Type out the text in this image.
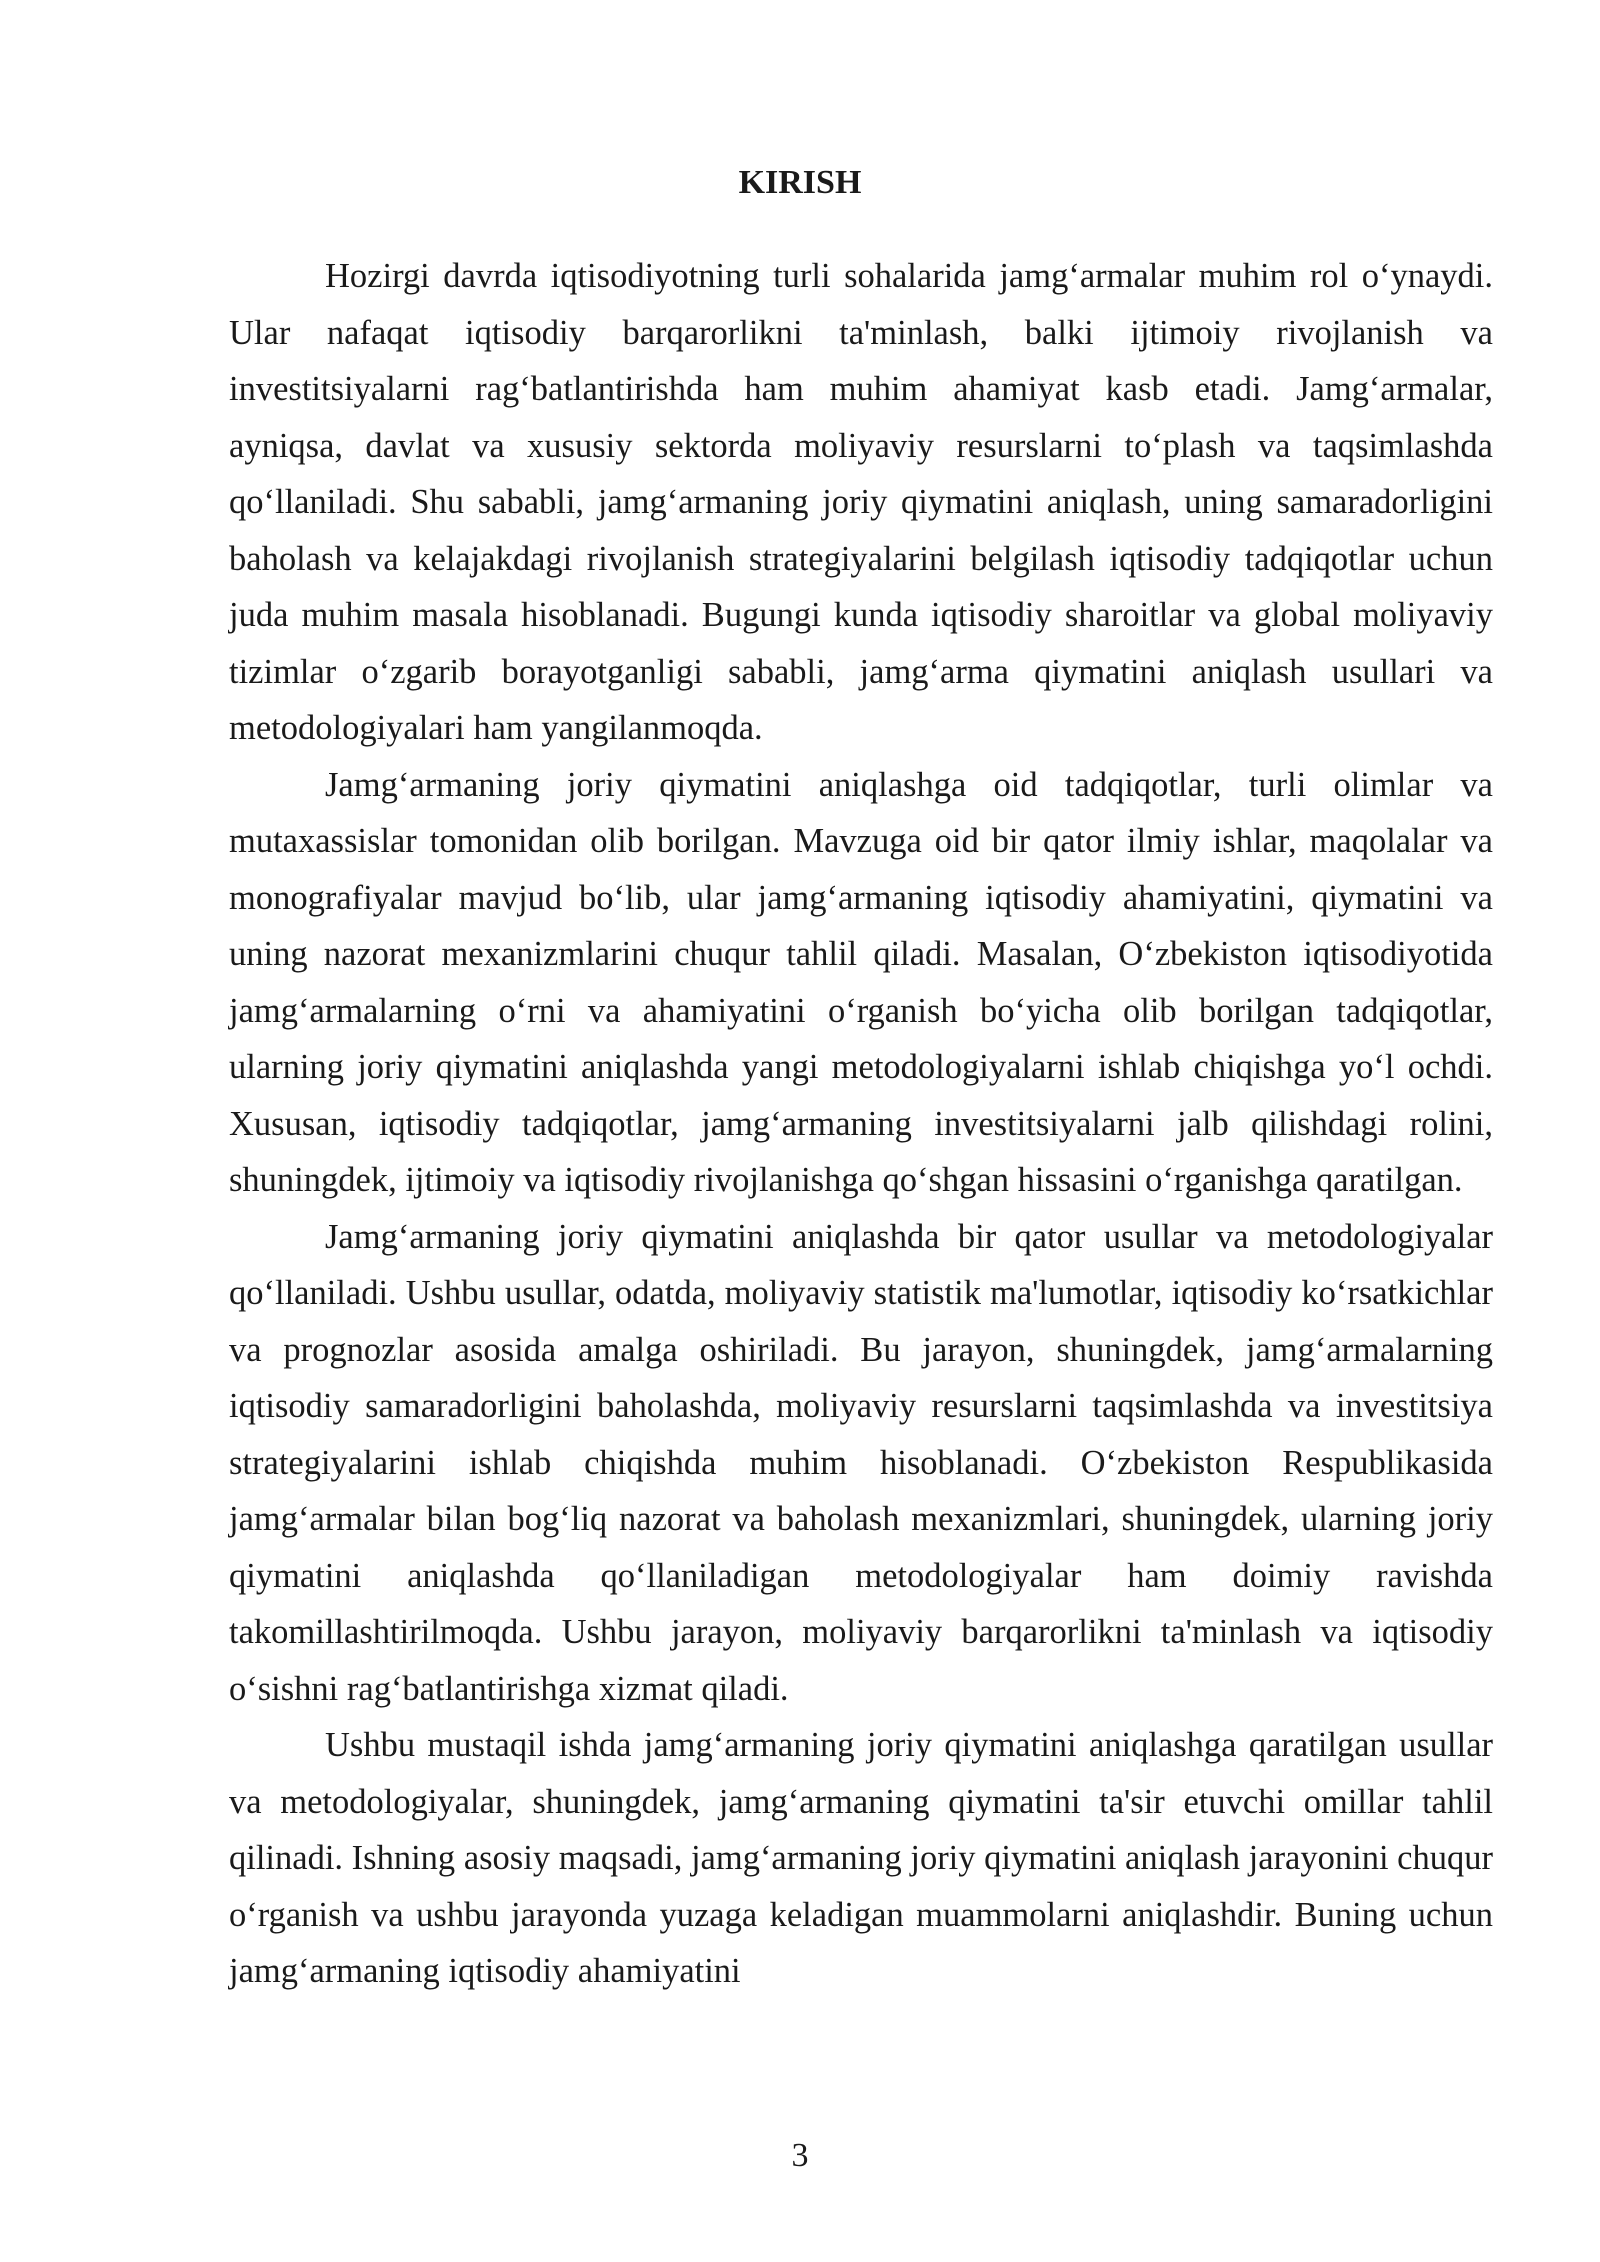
KIRISH

Hozirgi davrda iqtisodiyotning turli sohalarida jamg‘armalar muhim rol o‘ynaydi. Ular nafaqat iqtisodiy barqarorlikni ta'minlash, balki ijtimoiy rivojlanish va investitsiyalarni rag‘batlantirishda ham muhim ahamiyat kasb etadi. Jamg‘armalar, ayniqsa, davlat va xususiy sektorda moliyaviy resurslarni to‘plash va taqsimlashda qo‘llaniladi. Shu sababli, jamg‘armaning joriy qiymatini aniqlash, uning samaradorligini baholash va kelajakdagi rivojlanish strategiyalarini belgilash iqtisodiy tadqiqotlar uchun juda muhim masala hisoblanadi. Bugungi kunda iqtisodiy sharoitlar va global moliyaviy tizimlar o‘zgarib borayotganligi sababli, jamg‘arma qiymatini aniqlash usullari va metodologiyalari ham yangilanmoqda.

Jamg‘armaning joriy qiymatini aniqlashga oid tadqiqotlar, turli olimlar va mutaxassislar tomonidan olib borilgan. Mavzuga oid bir qator ilmiy ishlar, maqolalar va monografiyalar mavjud bo‘lib, ular jamg‘armaning iqtisodiy ahamiyatini, qiymatini va uning nazorat mexanizmlarini chuqur tahlil qiladi. Masalan, O‘zbekiston iqtisodiyotida jamg‘armalarning o‘rni va ahamiyatini o‘rganish bo‘yicha olib borilgan tadqiqotlar, ularning joriy qiymatini aniqlashda yangi metodologiyalarni ishlab chiqishga yo‘l ochdi. Xususan, iqtisodiy tadqiqotlar, jamg‘armaning investitsiyalarni jalb qilishdagi rolini, shuningdek, ijtimoiy va iqtisodiy rivojlanishga qo‘shgan hissasini o‘rganishga qaratilgan.

Jamg‘armaning joriy qiymatini aniqlashda bir qator usullar va metodologiyalar qo‘llaniladi. Ushbu usullar, odatda, moliyaviy statistik ma'lumotlar, iqtisodiy ko‘rsatkichlar va prognozlar asosida amalga oshiriladi. Bu jarayon, shuningdek, jamg‘armalarning iqtisodiy samaradorligini baholashda, moliyaviy resurslarni taqsimlashda va investitsiya strategiyalarini ishlab chiqishda muhim hisoblanadi. O‘zbekiston Respublikasida jamg‘armalar bilan bog‘liq nazorat va baholash mexanizmlari, shuningdek, ularning joriy qiymatini aniqlashda qo‘llaniladigan metodologiyalar ham doimiy ravishda takomillashtirilmoqda. Ushbu jarayon, moliyaviy barqarorlikni ta'minlash va iqtisodiy o‘sishni rag‘batlantirishga xizmat qiladi.

Ushbu mustaqil ishda jamg‘armaning joriy qiymatini aniqlashga qaratilgan usullar va metodologiyalar, shuningdek, jamg‘armaning qiymatini ta'sir etuvchi omillar tahlil qilinadi. Ishning asosiy maqsadi, jamg‘armaning joriy qiymatini aniqlash jarayonini chuqur o‘rganish va ushbu jarayonda yuzaga keladigan muammolarni aniqlashdir. Buning uchun jamg‘armaning iqtisodiy ahamiyatini

3
